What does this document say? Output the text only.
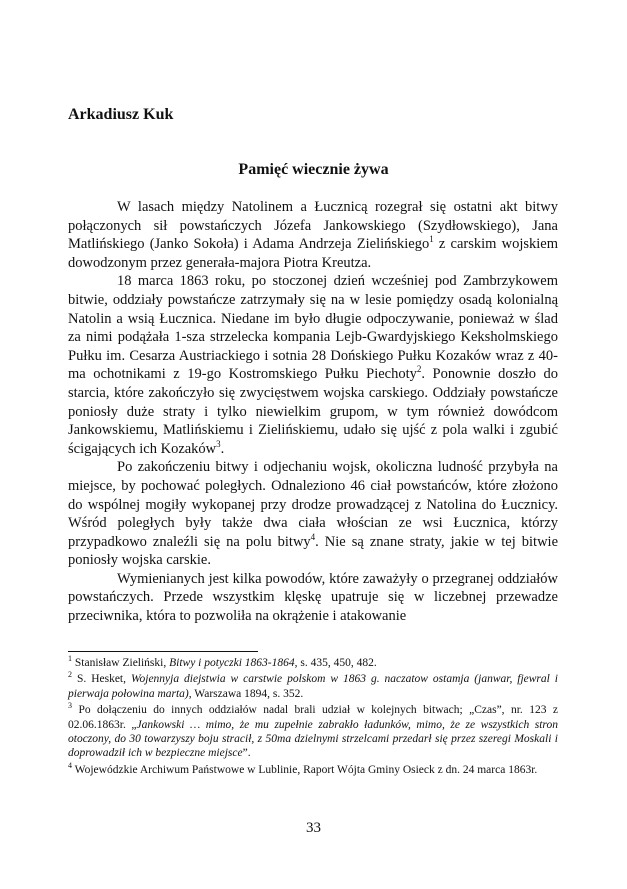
Arkadiusz Kuk
Pamięć wiecznie żywa

W lasach między Natolinem a Łucznicą rozegrał się ostatni akt bitwy połączonych sił powstańczych Józefa Jankowskiego (Szydłowskiego), Jana Matlińskiego (Janko Sokoła) i Adama Andrzeja Zielińskiego$^1$ z carskim wojskiem dowodzonym przez generała-majora Piotra Kreutza.

18 marca 1863 roku, po stoczonej dzień wcześniej pod Zambrzykowem bitwie, oddziały powstańcze zatrzymały się na w lesie pomiędzy osadą kolonialną Natolin a wsią Łucznica. Niedane im było długie odpoczywanie, ponieważ w ślad za nimi podążała 1-sza strzelecka kompania Lejb-Gwardyjskiego Keksholmskiego Pułku im. Cesarza Austriackiego i sotnia 28 Dońskiego Pułku Kozaków wraz z 40-ma ochotnikami z 19-go Kostromskiego Pułku Piechoty$^2$. Ponownie doszło do starcia, które zakończyło się zwycięstwem wojska carskiego. Oddziały powstańcze poniosły duże straty i tylko niewielkim grupom, w tym również dowódcom Jankowskiemu, Matlińskiemu i Zielińskiemu, udało się ujść z pola walki i zgubić ścigających ich Kozaków$^3$.

Po zakończeniu bitwy i odjechaniu wojsk, okoliczna ludność przybyła na miejsce, by pochować poległych. Odnaleziono 46 ciał powstańców, które złożono do wspólnej mogiły wykopanej przy drodze prowadzącej z Natolina do Łucznicy. Wśród poległych były także dwa ciała włościan ze wsi Łucznica, którzy przypadkowo znaleźli się na polu bitwy$^4$. Nie są znane straty, jakie w tej bitwie poniosły wojska carskie.

Wymienianych jest kilka powodów, które zaważyły o przegranej oddziałów powstańczych. Przede wszystkim klęskę upatruje się w liczebnej przewadze przeciwnika, która to pozwoliła na okrążenie i atakowanie

$^1$ Stanisław Zieliński, Bitwy i potyczki 1863-1864, s. 435, 450, 482.

$^2$ S. Hesket, Wojennyja diejstwia w carstwie polskom w 1863 g. naczatow ostamja (janwar, fjewral i pierwaja połowina marta), Warszawa 1894, s. 352.

$^3$ Po dołączeniu do innych oddziałów nadal brali udział w kolejnych bitwach; „Czas”, nr. 123 z 02.06.1863r. „Jankowski … mimo, że mu zupełnie zabrakło ładunków, mimo, że ze wszystkich stron otoczony, do 30 towarzyszy boju stracił, z 50ma dzielnymi strzelcami przedarł się przez szeregi Moskali i doprowadził ich w bezpieczne miejsce”.

$^4$ Wojewódzkie Archiwum Państwowe w Lublinie, Raport Wójta Gminy Osieck z dn. 24 marca 1863r.

33
